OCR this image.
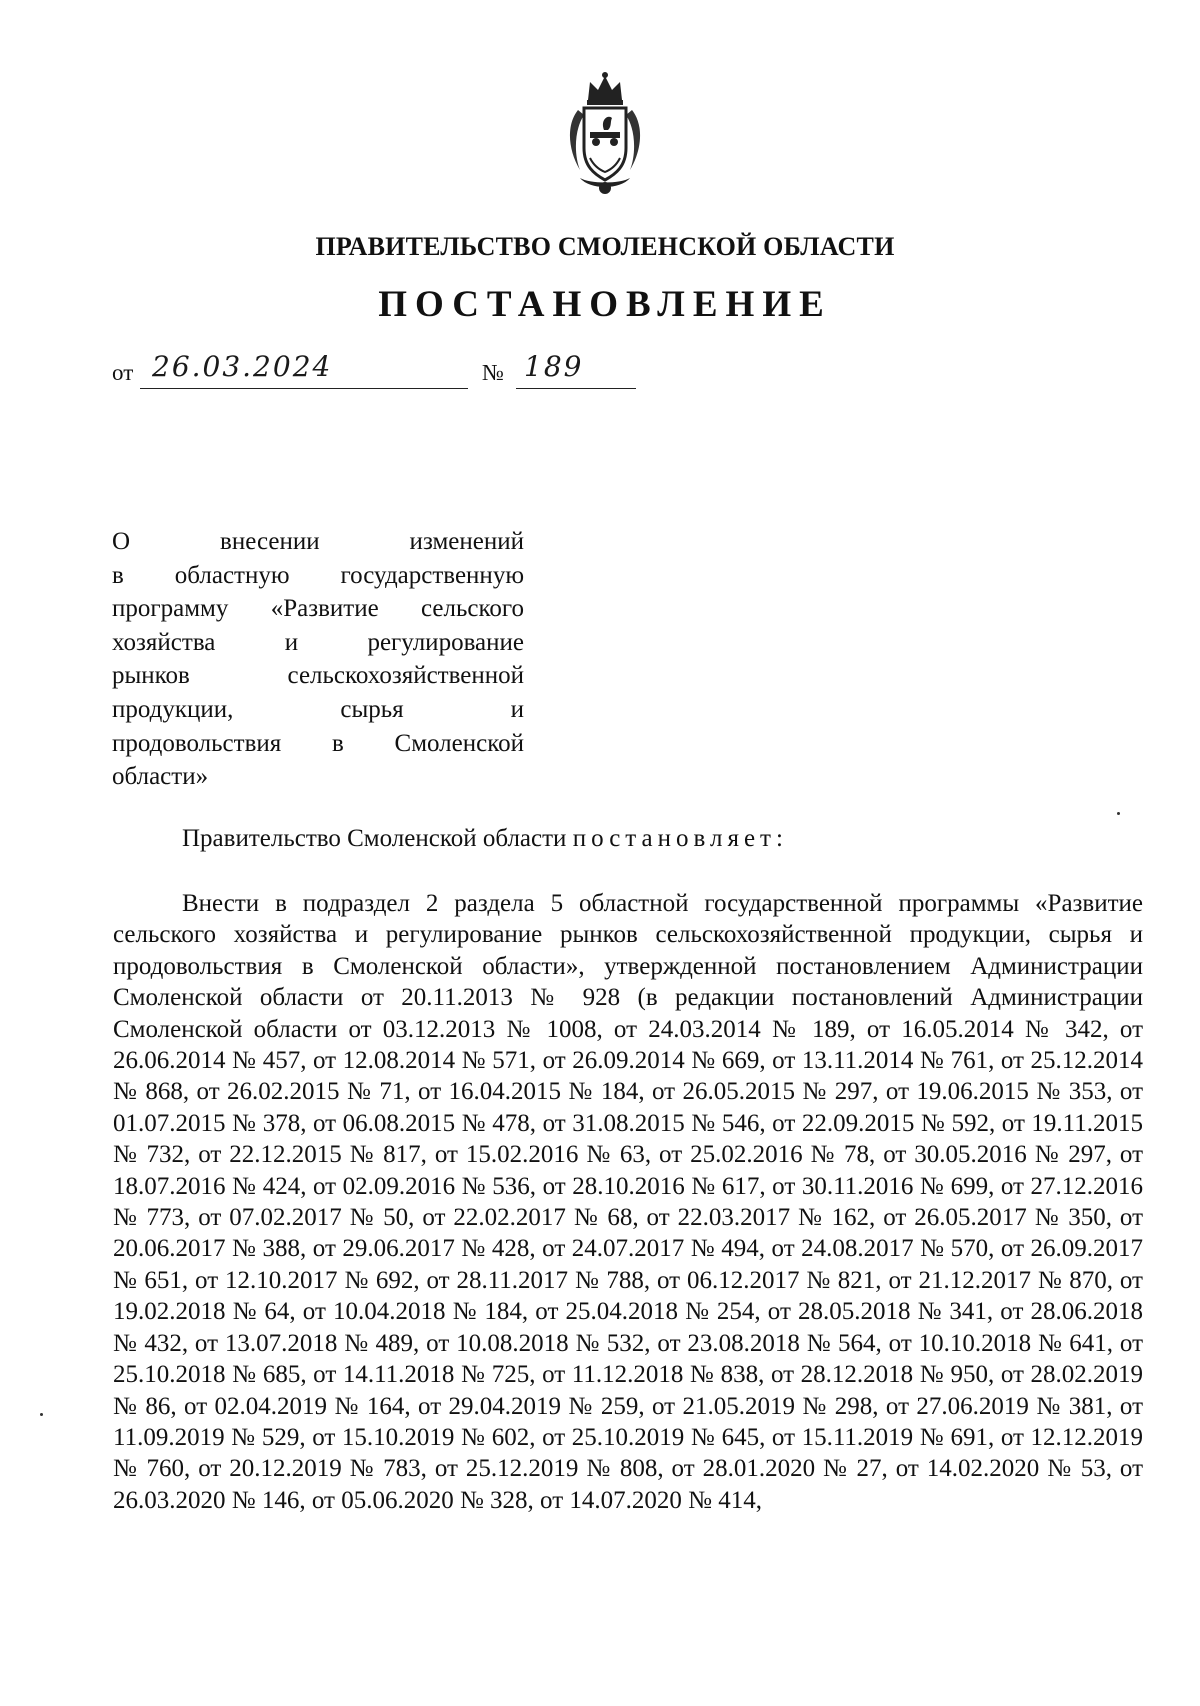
ПРАВИТЕЛЬСТВО СМОЛЕНСКОЙ ОБЛАСТИ
ПОСТАНОВЛЕНИЕ
от 26.03.2024	№ 189
О внесении изменений
в областную государственную
программу «Развитие сельского
хозяйства и регулирование
рынков сельскохозяйственной
продукции, сырья и
продовольствия в Смоленской
области»
Правительство Смоленской области постановляет:
Внести в подраздел 2 раздела 5 областной государственной программы «Развитие сельского хозяйства и регулирование рынков сельскохозяйственной продукции, сырья и продовольствия в Смоленской области», утвержденной постановлением Администрации Смоленской области от 20.11.2013 № 928 (в редакции постановлений Администрации Смоленской области от 03.12.2013 № 1008, от 24.03.2014 № 189, от 16.05.2014 № 342, от 26.06.2014 № 457, от 12.08.2014 № 571, от 26.09.2014 № 669, от 13.11.2014 № 761, от 25.12.2014 № 868, от 26.02.2015 № 71, от 16.04.2015 № 184, от 26.05.2015 № 297, от 19.06.2015 № 353, от 01.07.2015 № 378, от 06.08.2015 № 478, от 31.08.2015 № 546, от 22.09.2015 № 592, от 19.11.2015 № 732, от 22.12.2015 № 817, от 15.02.2016 № 63, от 25.02.2016 № 78, от 30.05.2016 № 297, от 18.07.2016 № 424, от 02.09.2016 № 536, от 28.10.2016 № 617, от 30.11.2016 № 699, от 27.12.2016 № 773, от 07.02.2017 № 50, от 22.02.2017 № 68, от 22.03.2017 № 162, от 26.05.2017 № 350, от 20.06.2017 № 388, от 29.06.2017 № 428, от 24.07.2017 № 494, от 24.08.2017 № 570, от 26.09.2017 № 651, от 12.10.2017 № 692, от 28.11.2017 № 788, от 06.12.2017 № 821, от 21.12.2017 № 870, от 19.02.2018 № 64, от 10.04.2018 № 184, от 25.04.2018 № 254, от 28.05.2018 № 341, от 28.06.2018 № 432, от 13.07.2018 № 489, от 10.08.2018 № 532, от 23.08.2018 № 564, от 10.10.2018 № 641, от 25.10.2018 № 685, от 14.11.2018 № 725, от 11.12.2018 № 838, от 28.12.2018 № 950, от 28.02.2019 № 86, от 02.04.2019 № 164, от 29.04.2019 № 259, от 21.05.2019 № 298, от 27.06.2019 № 381, от 11.09.2019 № 529, от 15.10.2019 № 602, от 25.10.2019 № 645, от 15.11.2019 № 691, от 12.12.2019 № 760, от 20.12.2019 № 783, от 25.12.2019 № 808, от 28.01.2020 № 27, от 14.02.2020 № 53, от 26.03.2020 № 146, от 05.06.2020 № 328, от 14.07.2020 № 414,
